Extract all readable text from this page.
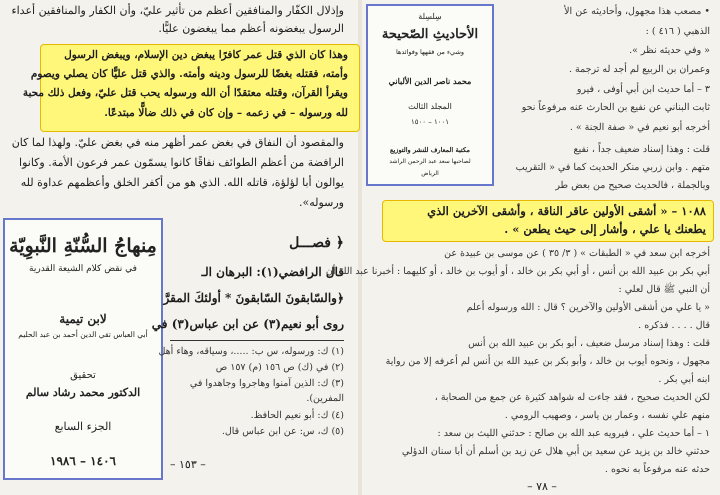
وإذلال الكفّار والمنافقين أعظم من تأثير عليّ، وأن الكفار والمنافقين أعداء
الرسول يبغضونه أعظم مما يبغضون عليًّا.
وهذا كان الذي قتل عمر كافرًا يبغض دين الإسلام، ويبغض الرسول
وأمته، فقتله بغضًا للرسول ودينه وأمته. والذي قتل عليًّا كان يصلي ويصوم
ويقرأ القرآن، وقتله معتقدًا أن الله ورسوله يحب قتل عليّ، وفعل ذلك محبة
لله ورسوله – في زعمه – وإن كان في ذلك ضالًّا مبتدعًا.
والمقصود أن النفاق في بغض عمر أظهر منه في بغض عليّ. ولهذا لما كان
الرافضة من أعظم الطوائف نفاقًا كانوا يسمّون عمر فرعون الأمة. وكانوا
يوالون أبا لؤلؤة، قاتله الله. الذي هو من أكفر الخلق وأعظمهم عداوة لله
ورسوله».
مِنهاجُ السُّنّةِ النَّبوِيّة
في نقض كلام الشيعة القدرية
لابن تيمية
أبي العباس تقي الدين أحمد بن عبد الحليم
تحقيق
الدكتور محمد رشاد سالم
الجزء السابع
١٤٠٦ – ١٩٨٦
﴿ فصـــل
قال الرافضي(١): البرهان الـ
﴿والسّابقونَ السّابقونَ * أولئكَ المقرَّ
روى أبو نعيم(٣) عن ابن عباس(٣) في
(١) ك: ورسوله، س ب: .....، وسياقه، وهاء أهل
(٢) في (ك) ص ١٥٦ (م) ١٥٧ ص
(٣) ك: الذين آمنوا وهاجروا وجاهدوا في
المفرين).
(٤) ك: أبو نعيم الحافظ.
(٥) ك، س: عن ابن عباس قال.
– ١٥٣ –
سِلسِلة
الأحاديثِ الصّحيحة
وشيء من فقهها وفوائدها
محمد ناصر الدين الألباني
المجلد الثالث
١٠٠١ – ١٥٠٠
مكتبة المعارف للنشر والتوزيع
لصاحبها سعد عبد الرحمن الراشد
الرياض
• مصعب هذا مجهول، وأحاديثه عن الأ
الذهبي ( ٤١٦ ) :
« وفي حديثه نظر ».
وعمران بن الربيع لم أجد له ترجمة .
٣ – أما حديث ابن أبي أوفى ، فيرو
ثابت البناني عن نفيع بن الحارث عنه مرفوعاً نحو
أخرجه أبو نعيم في « صفة الجنة » .
قلت : وهذا إسناد ضعيف جداً ، نفيع
متهم . وابن زربي منكر الحديث كما في « التقريب
وبالجملة ، فالحديث صحيح من بعض طر
١٠٨٨ – « أشقى الأولين عاقر الناقة ، وأشقى الآخرين الذي
يطعنك يا علي ، وأشار إلى حيث يطعن » .
أخرجه ابن سعد في « الطبقات » ( ٣/ ٣٥ ) عن موسى بن عبيدة عن
أبي بكر بن عبيد الله بن أنس ، أو أبي بكر بن خالد ، أو أيوب بن خالد ، أو كليهما : أخبرنا عبد الله أن
أن النبي ﷺ قال لعلي :
« يا علي من أشقى الأولين والآخرين ؟ قال : الله ورسوله أعلم
قال . . . . فذكره .
قلت : وهذا إسناد مرسل ضعيف ، أبو بكر بن عبيد الله بن أنس
مجهول ، ونحوه أيوب بن خالد ، وأبو بكر بن عبيد الله بن أنس لم أعرفه إلا من رواية
ابنه أبي بكر .
لكن الحديث صحيح ، فقد جاءت له شواهد كثيرة عن جمع من الصحابة ،
منهم علي نفسه ، وعمار بن ياسر ، وصهيب الرومي .
١ – أما حديث علي ، فيرويه عبد الله بن صالح : حدثني الليث بن سعد :
حدثني خالد بن يزيد عن سعيد بن أبي هلال عن زيد بن أسلم أن أبا سنان الدؤلي
حدثه عنه مرفوعاً به نحوه .
– ٧٨ –
